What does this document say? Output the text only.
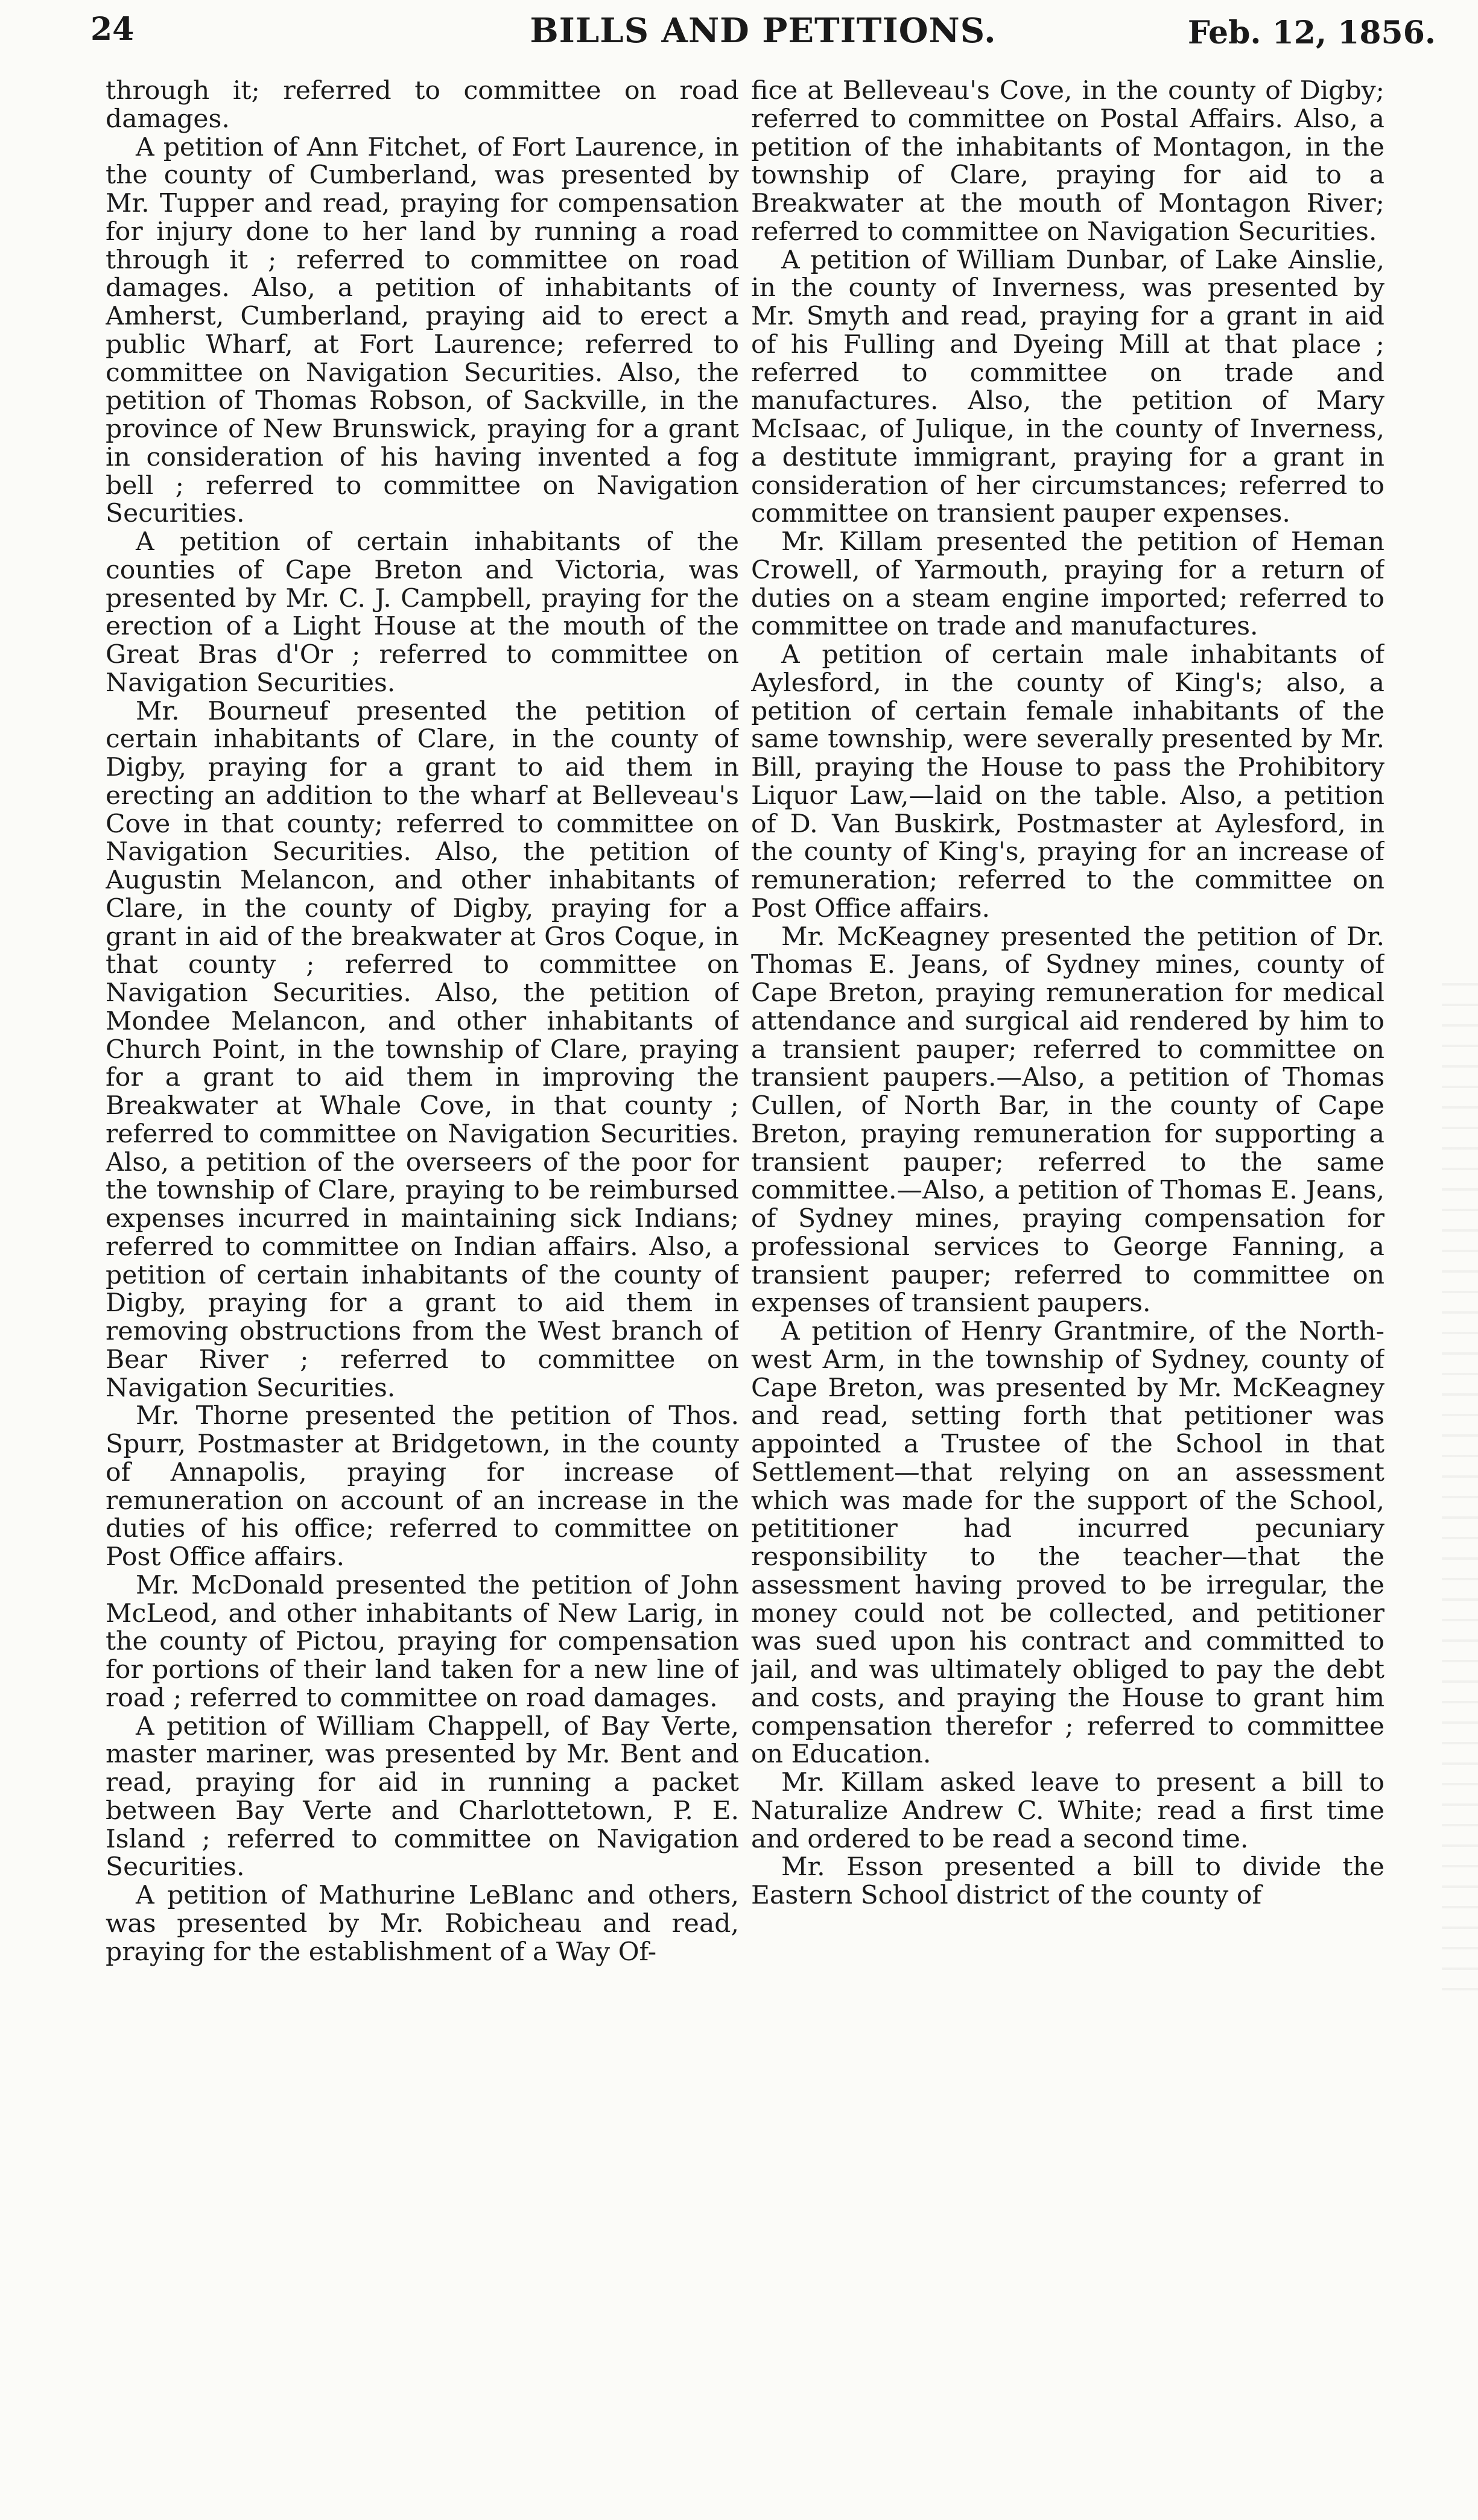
24	BILLS AND PETITIONS.	Feb. 12, 1856.

through it; referred to committee on road damages.

A petition of Ann Fitchet, of Fort Laurence, in the county of Cumberland, was presented by Mr. Tupper and read, praying for compensation for injury done to her land by running a road through it ; referred to committee on road damages. Also, a petition of inhabitants of Amherst, Cumberland, praying aid to erect a public Wharf, at Fort Laurence; referred to committee on Navigation Securities. Also, the petition of Thomas Robson, of Sackville, in the province of New Brunswick, praying for a grant in consideration of his having invented a fog bell ; referred to committee on Navigation Securities.

A petition of certain inhabitants of the counties of Cape Breton and Victoria, was presented by Mr. C. J. Campbell, praying for the erection of a Light House at the mouth of the Great Bras d'Or ; referred to committee on Navigation Securities.

Mr. Bourneuf presented the petition of certain inhabitants of Clare, in the county of Digby, praying for a grant to aid them in erecting an addition to the wharf at Belleveau's Cove in that county; referred to committee on Navigation Securities. Also, the petition of Augustin Melancon, and other inhabitants of Clare, in the county of Digby, praying for a grant in aid of the breakwater at Gros Coque, in that county ; referred to committee on Navigation Securities. Also, the petition of Mondee Melancon, and other inhabitants of Church Point, in the township of Clare, praying for a grant to aid them in improving the Breakwater at Whale Cove, in that county ; referred to committee on Navigation Securities. Also, a petition of the overseers of the poor for the township of Clare, praying to be reimbursed expenses incurred in maintaining sick Indians; referred to committee on Indian affairs. Also, a petition of certain inhabitants of the county of Digby, praying for a grant to aid them in removing obstructions from the West branch of Bear River ; referred to committee on Navigation Securities.

Mr. Thorne presented the petition of Thos. Spurr, Postmaster at Bridgetown, in the county of Annapolis, praying for increase of remuneration on account of an increase in the duties of his office; referred to committee on Post Office affairs.

Mr. McDonald presented the petition of John McLeod, and other inhabitants of New Larig, in the county of Pictou, praying for compensation for portions of their land taken for a new line of road ; referred to committee on road damages.

A petition of William Chappell, of Bay Verte, master mariner, was presented by Mr. Bent and read, praying for aid in running a packet between Bay Verte and Charlottetown, P. E. Island ; referred to committee on Navigation Securities.

A petition of Mathurine LeBlanc and others, was presented by Mr. Robicheau and read, praying for the establishment of a Way Of-

fice at Belleveau's Cove, in the county of Digby; referred to committee on Postal Affairs. Also, a petition of the inhabitants of Montagon, in the township of Clare, praying for aid to a Breakwater at the mouth of Montagon River; referred to committee on Navigation Securities.

A petition of William Dunbar, of Lake Ainslie, in the county of Inverness, was presented by Mr. Smyth and read, praying for a grant in aid of his Fulling and Dyeing Mill at that place ; referred to committee on trade and manufactures. Also, the petition of Mary McIsaac, of Julique, in the county of Inverness, a destitute immigrant, praying for a grant in consideration of her circumstances; referred to committee on transient pauper expenses.

Mr. Killam presented the petition of Heman Crowell, of Yarmouth, praying for a return of duties on a steam engine imported; referred to committee on trade and manufactures.

A petition of certain male inhabitants of Aylesford, in the county of King's; also, a petition of certain female inhabitants of the same township, were severally presented by Mr. Bill, praying the House to pass the Prohibitory Liquor Law,—laid on the table. Also, a petition of D. Van Buskirk, Postmaster at Aylesford, in the county of King's, praying for an increase of remuneration; referred to the committee on Post Office affairs.

Mr. McKeagney presented the petition of Dr. Thomas E. Jeans, of Sydney mines, county of Cape Breton, praying remuneration for medical attendance and surgical aid rendered by him to a transient pauper; referred to committee on transient paupers.—Also, a petition of Thomas Cullen, of North Bar, in the county of Cape Breton, praying remuneration for supporting a transient pauper; referred to the same committee.—Also, a petition of Thomas E. Jeans, of Sydney mines, praying compensation for professional services to George Fanning, a transient pauper; referred to committee on expenses of transient paupers.

A petition of Henry Grantmire, of the North-west Arm, in the township of Sydney, county of Cape Breton, was presented by Mr. McKeagney and read, setting forth that petitioner was appointed a Trustee of the School in that Settlement—that relying on an assessment which was made for the support of the School, petititioner had incurred pecuniary responsibility to the teacher—that the assessment having proved to be irregular, the money could not be collected, and petitioner was sued upon his contract and committed to jail, and was ultimately obliged to pay the debt and costs, and praying the House to grant him compensation therefor ; referred to committee on Education.

Mr. Killam asked leave to present a bill to Naturalize Andrew C. White; read a first time and ordered to be read a second time.

Mr. Esson presented a bill to divide the Eastern School district of the county of
